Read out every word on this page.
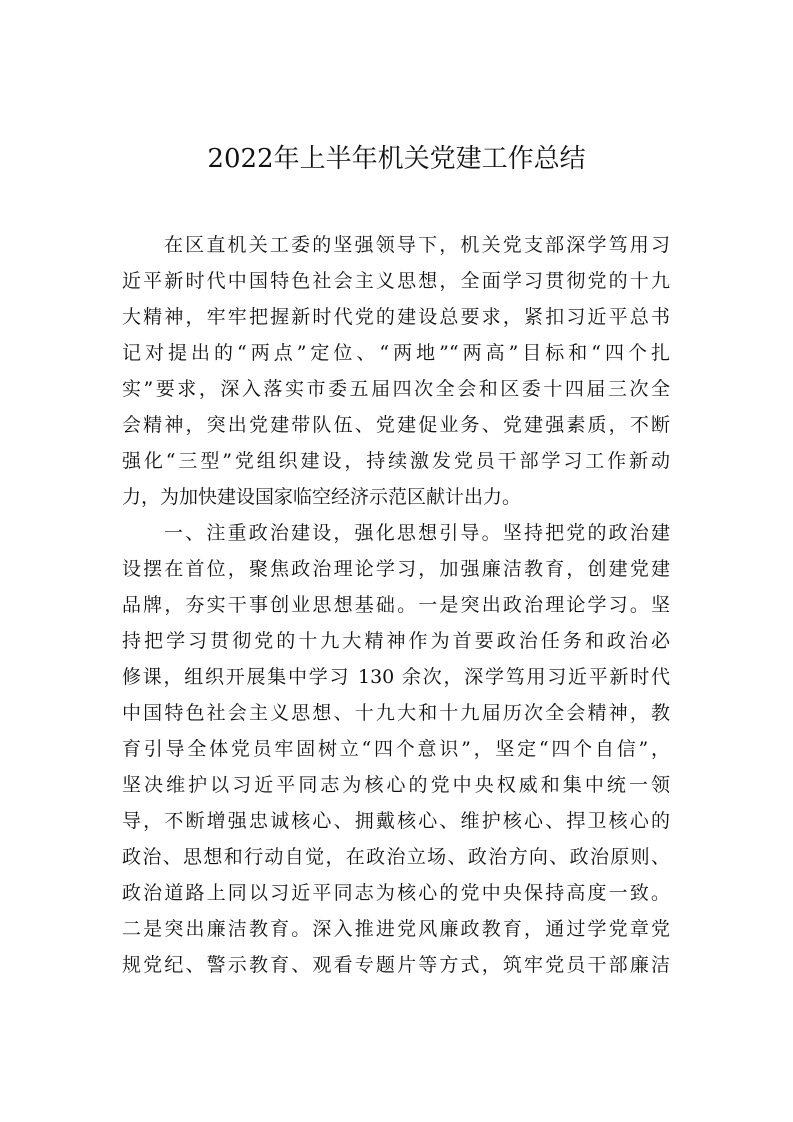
2022年上半年机关党建工作总结
在区直机关工委的坚强领导下，机关党支部深学笃用习
近平新时代中国特色社会主义思想，全面学习贯彻党的十九
大精神，牢牢把握新时代党的建设总要求，紧扣习近平总书
记对提出的“两点”定位、“两地”“两高”目标和“四个扎
实”要求，深入落实市委五届四次全会和区委十四届三次全
会精神，突出党建带队伍、党建促业务、党建强素质，不断
强化“三型”党组织建设，持续激发党员干部学习工作新动
力，为加快建设国家临空经济示范区献计出力。
一、注重政治建设，强化思想引导。坚持把党的政治建
设摆在首位，聚焦政治理论学习，加强廉洁教育，创建党建
品牌，夯实干事创业思想基础。一是突出政治理论学习。坚
持把学习贯彻党的十九大精神作为首要政治任务和政治必
修课，组织开展集中学习 130 余次，深学笃用习近平新时代
中国特色社会主义思想、十九大和十九届历次全会精神，教
育引导全体党员牢固树立“四个意识”，坚定“四个自信”，
坚决维护以习近平同志为核心的党中央权威和集中统一领
导，不断增强忠诚核心、拥戴核心、维护核心、捍卫核心的
政治、思想和行动自觉，在政治立场、政治方向、政治原则、
政治道路上同以习近平同志为核心的党中央保持高度一致。
二是突出廉洁教育。深入推进党风廉政教育，通过学党章党
规党纪、警示教育、观看专题片等方式，筑牢党员干部廉洁
